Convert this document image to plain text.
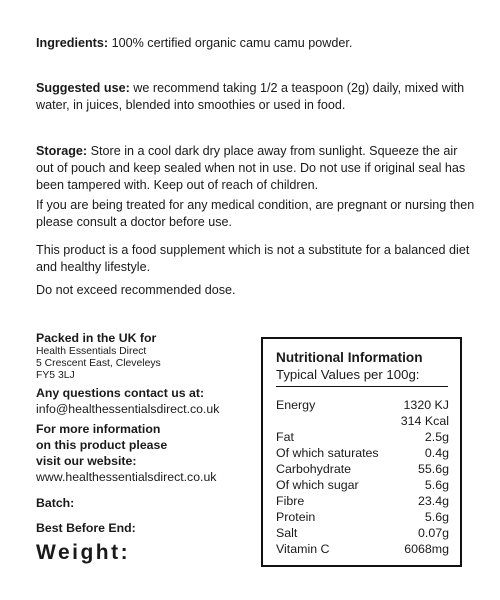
Ingredients: 100% certified organic camu camu powder.

Suggested use: we recommend taking 1/2 a teaspoon (2g) daily, mixed with water, in juices, blended into smoothies or used in food.

Storage: Store in a cool dark dry place away from sunlight. Squeeze the air out of pouch and keep sealed when not in use. Do not use if original seal has been tampered with. Keep out of reach of children.

If you are being treated for any medical condition, are pregnant or nursing then please consult a doctor before use.

This product is a food supplement which is not a substitute for a balanced diet and healthy lifestyle.

Do not exceed recommended dose.

Packed in the UK for
Health Essentials Direct
5 Crescent East, Cleveleys
FY5 3LJ
Any questions contact us at:
info@healthessentialsdirect.co.uk
For more information
on this product please
visit our website:
www.healthessentialsdirect.co.uk
Batch:
Best Before End:
Weight:
Nutritional Information
Typical Values per 100g:
Energy	1320 KJ
314 Kcal
Fat	2.5g
Of which saturates	0.4g
Carbohydrate	55.6g
Of which sugar	5.6g
Fibre	23.4g
Protein	5.6g
Salt	0.07g
Vitamin C	6068mg
